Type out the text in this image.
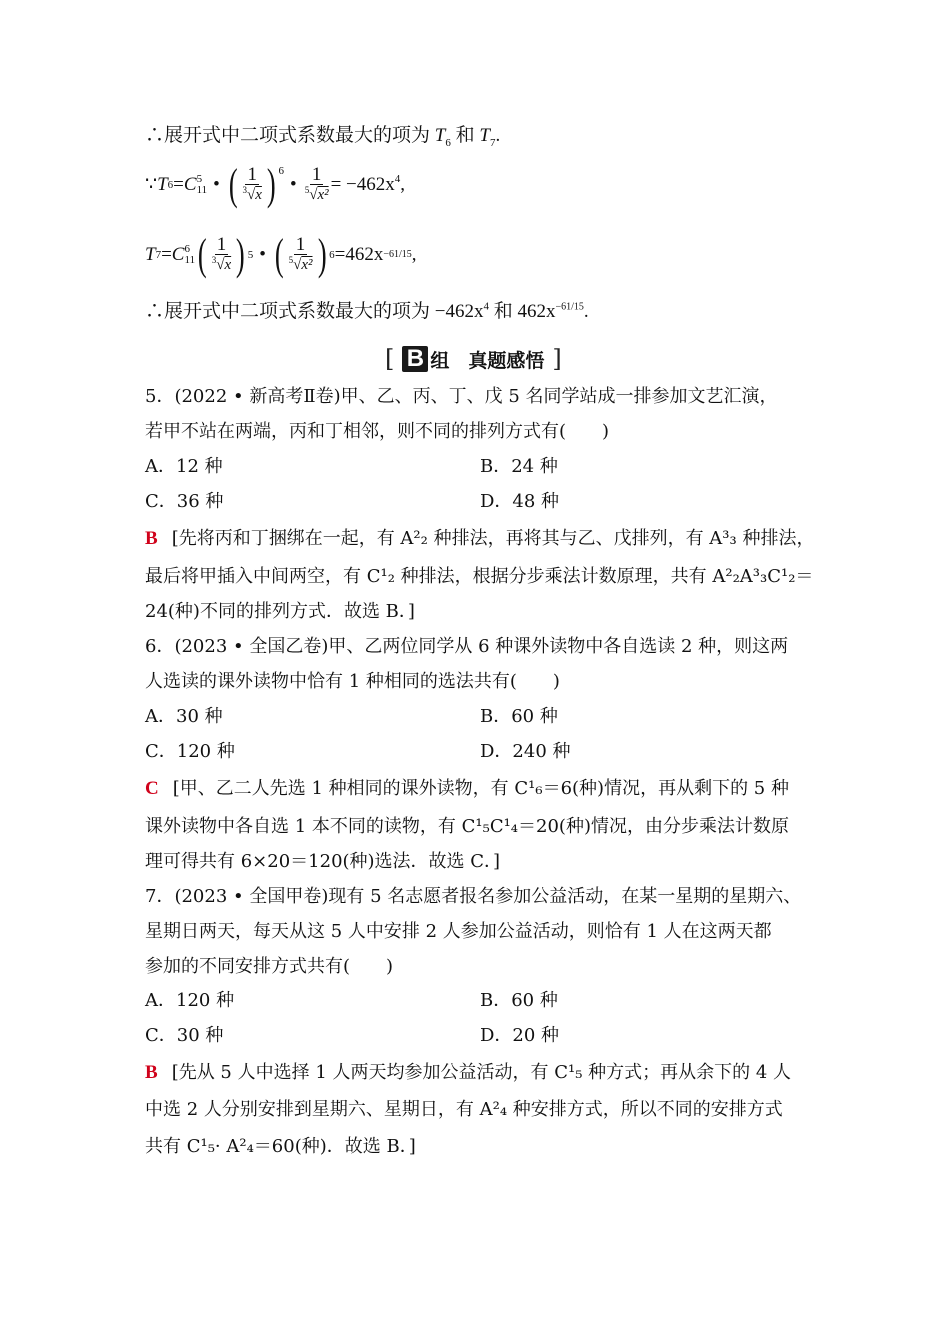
∴展开式中二项式系数最大的项为 $T_6$ 和 $T_7$.
∵ T 6 = C 5
11 • ( $\frac{1}{^3√x}$ ) 6
• $\frac{1}{^5√x^2} = -462x^4$ ,
T 7 = C 6
11 ( $\frac{1}{^3√x}$ ) 5 • ( $\frac{1}{^5√x^2}$ ) 6 =462x −61/15 ,
∴展开式中二项式系数最大的项为 $-462x^4$ 和 $462x^{-61/15}$.
[ B 组　真题感悟 ]
5．(2022 • 新高考Ⅱ卷)甲、乙、丙、丁、戊 5 名同学站成一排参加文艺汇演，
若甲不站在两端，丙和丁相邻，则不同的排列方式有(　　)
A．12 种	B．24 种
C．36 种	D．48 种
B [先将丙和丁捆绑在一起，有 A²₂ 种排法，再将其与乙、戊排列，有 A³₃ 种排法，
最后将甲插入中间两空，有 C¹₂ 种排法，根据分步乘法计数原理，共有 A²₂A³₃C¹₂＝
24(种)不同的排列方式．故选 B．]
6．(2023 • 全国乙卷)甲、乙两位同学从 6 种课外读物中各自选读 2 种，则这两
人选读的课外读物中恰有 1 种相同的选法共有(　　)
A．30 种	B．60 种
C．120 种	D．240 种
C [甲、乙二人先选 1 种相同的课外读物，有 C¹₆＝6(种)情况，再从剩下的 5 种
课外读物中各自选 1 本不同的读物，有 C¹₅C¹₄＝20(种)情况，由分步乘法计数原
理可得共有 6×20＝120(种)选法．故选 C．]
7．(2023 • 全国甲卷)现有 5 名志愿者报名参加公益活动，在某一星期的星期六、
星期日两天，每天从这 5 人中安排 2 人参加公益活动，则恰有 1 人在这两天都
参加的不同安排方式共有(　　)
A．120 种	B．60 种
C．30 种	D．20 种
B [先从 5 人中选择 1 人两天均参加公益活动，有 C¹₅ 种方式；再从余下的 4 人
中选 2 人分别安排到星期六、星期日，有 A²₄ 种安排方式，所以不同的安排方式
共有 C¹₅· A²₄＝60(种)．故选 B．]
